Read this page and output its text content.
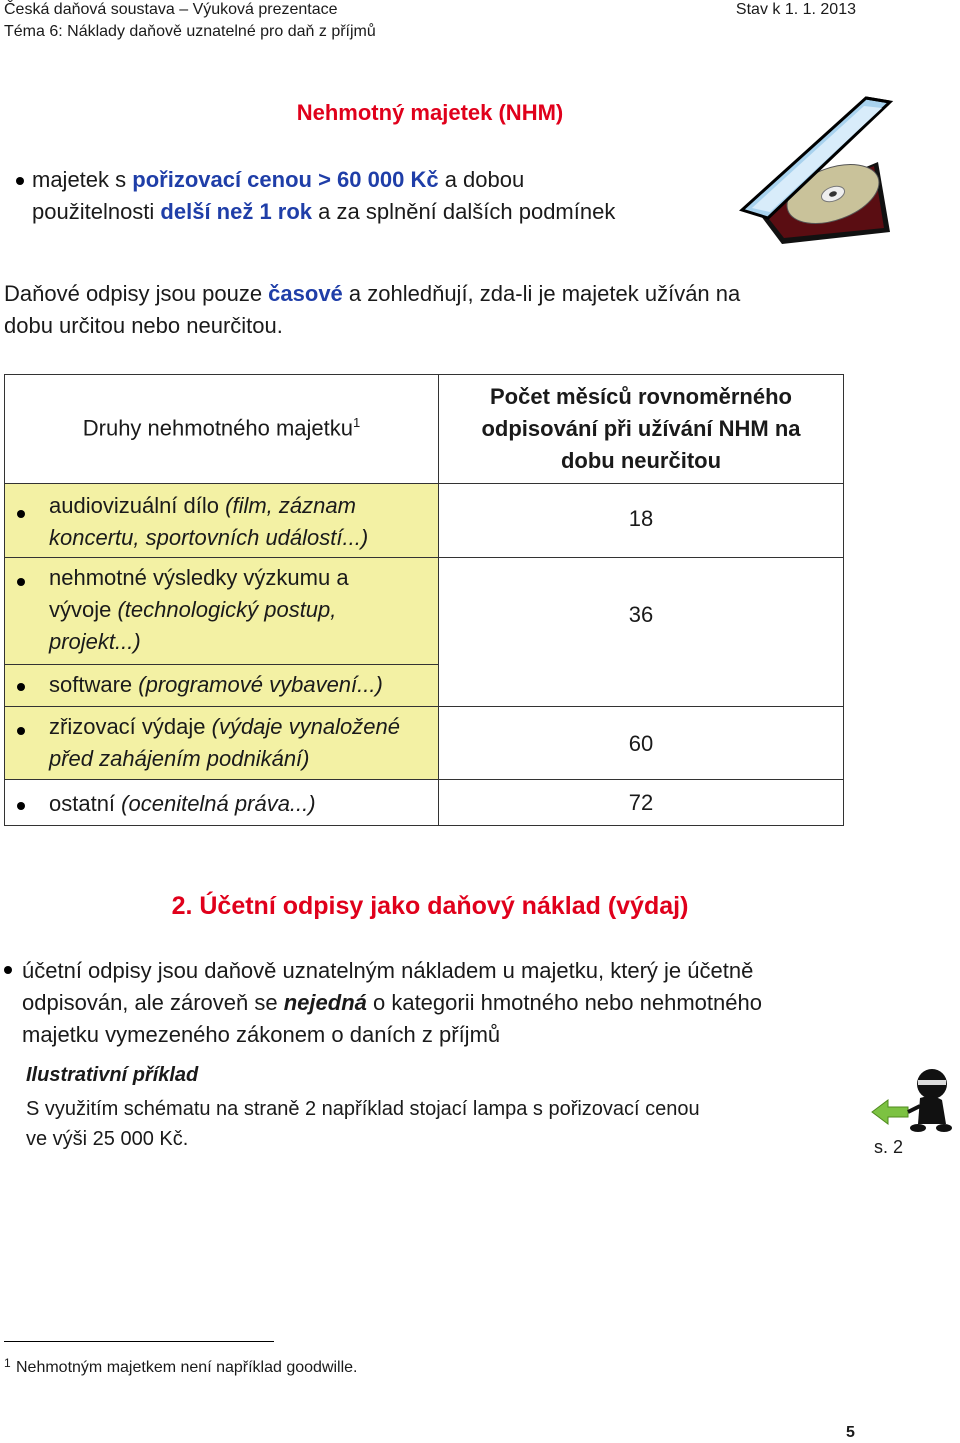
Česká daňová soustava – Výuková prezentace
Téma 6: Náklady daňově uznatelné pro daň z příjmů
Stav k 1. 1. 2013
Nehmotný majetek (NHM)
majetek s pořizovací cenou > 60 000 Kč a dobou
použitelnosti delší než 1 rok a za splnění dalších podmínek
Daňové odpisy jsou pouze časové a zohledňují, zda-li je majetek užíván na
dobu určitou nebo neurčitou.
Druhy nehmotného majetku$^1$
Počet měsíců rovnoměrného
odpisování při užívání NHM na
dobu neurčitou
audiovizuální dílo (film, záznam
koncertu, sportovních událostí...)
nehmotné výsledky výzkumu a
vývoje (technologický postup,
projekt...)
software (programové vybavení...)
zřizovací výdaje (výdaje vynaložené
před zahájením podnikání)
ostatní (ocenitelná práva...)
18
36
60
72
2. Účetní odpisy jako daňový náklad (výdaj)
účetní odpisy jsou daňově uznatelným nákladem u majetku, který je účetně
odpisován, ale zároveň se nejedná o kategorii hmotného nebo nehmotného
majetku vymezeného zákonem o daních z příjmů
Ilustrativní příklad
S využitím schématu na straně 2 například stojací lampa s pořizovací cenou
ve výši 25 000 Kč.	s. 2
1 Nehmotným majetkem není například goodwille.
5
